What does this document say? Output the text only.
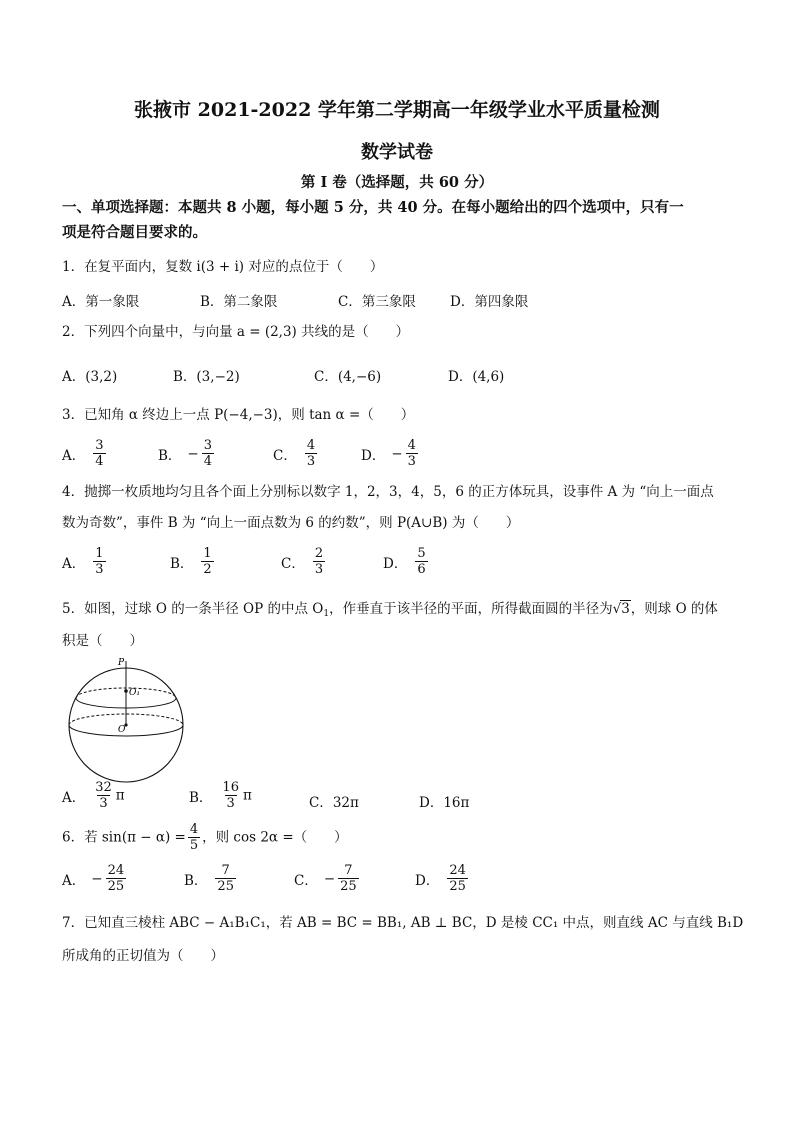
张掖市 2021-2022 学年第二学期高一年级学业水平质量检测
数学试卷
第 I 卷（选择题，共 60 分）
一、单项选择题：本题共 8 小题，每小题 5 分，共 40 分。在每小题给出的四个选项中，只有一
项是符合题目要求的。
1．在复平面内，复数 i(3 + i) 对应的点位于（　　）
A．第一象限	B．第二象限	C．第三象限	D．第四象限
2．下列四个向量中，与向量 a = (2,3) 共线的是（　　）
A．(3,2)	B．(3,−2)	C．(4,−6)	D．(4,6)
3．已知角 α 终边上一点 P(−4,−3)，则 tan α =（　　）
A． $\frac{3}{4}$	B． − $\frac{3}{4}$	C． $\frac{4}{3}$	D． − $\frac{4}{3}$
4．抛掷一枚质地均匀且各个面上分别标以数字 1，2，3，4，5，6 的正方体玩具，设事件 A 为 “向上一面点
数为奇数”，事件 B 为 “向上一面点数为 6 的约数”，则 P(A∪B) 为（　　）
A． $\frac{1}{3}$	B． $\frac{1}{2}$	C． $\frac{2}{3}$	D． $\frac{5}{6}$
5．如图，过球 O 的一条半径 OP 的中点 $O_1$，作垂直于该半径的平面，所得截面圆的半径为√3，则球 O 的体
积是（　　）
P
O₁
O
A． $\frac{32}{3}$ π	B． $\frac{16}{3}$ π	C．32π	D．16π
6．若 $\sin(\pi - \alpha) = \frac{4}{5}$ ，则 cos 2α =（　　）
A． − $\frac{24}{25}$	B． $\frac{7}{25}$	C． − $\frac{7}{25}$	D． $\frac{24}{25}$
7．已知直三棱柱 ABC − A₁B₁C₁，若 AB = BC = BB₁, AB ⊥ BC，D 是棱 CC₁ 中点，则直线 AC 与直线 B₁D
所成角的正切值为（　　）
